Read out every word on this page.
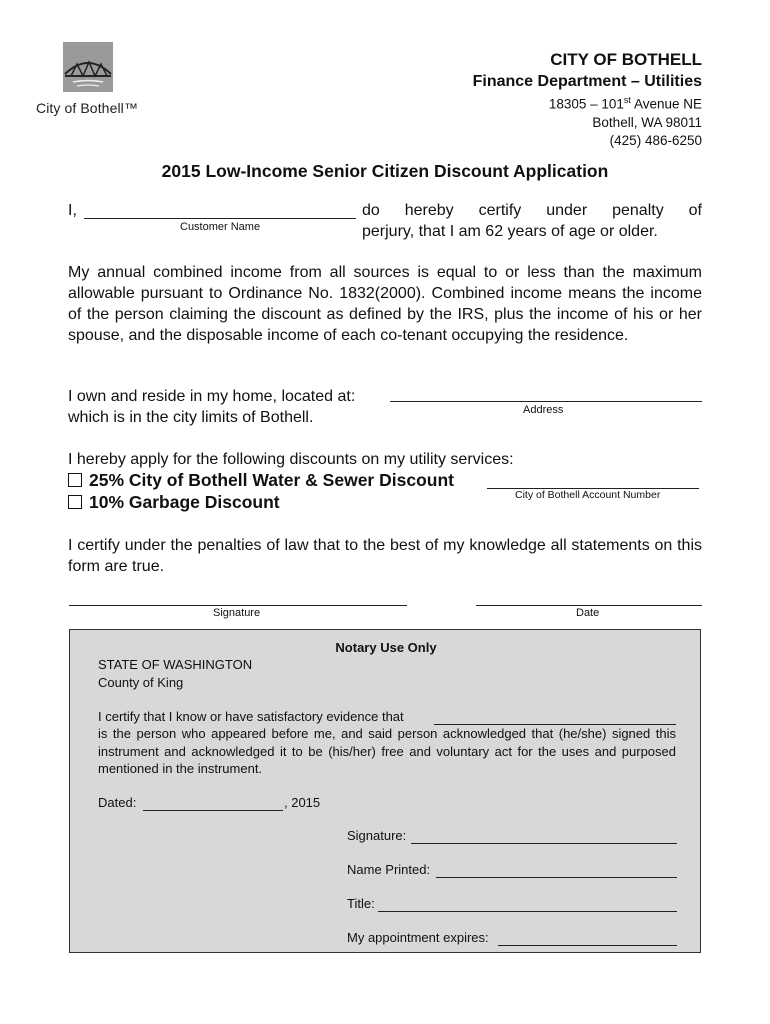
City of Bothell™
CITY OF BOTHELL
Finance Department – Utilities
18305 – 101st Avenue NE
Bothell, WA 98011
(425) 486-6250
2015 Low-Income Senior Citizen Discount Application
I,
Customer Name
do hereby certify under penalty of
perjury, that I am 62 years of age or older.
My annual combined income from all sources is equal to or less than the maximum allowable pursuant to Ordinance No. 1832(2000). Combined income means the income of the person claiming the discount as defined by the IRS, plus the income of his or her spouse, and the disposable income of each co-tenant occupying the residence.
I own and reside in my home, located at:
Address
which is in the city limits of Bothell.
I hereby apply for the following discounts on my utility services:
25% City of Bothell Water & Sewer Discount
City of Bothell Account Number
10% Garbage Discount
I certify under the penalties of law that to the best of my knowledge all statements on this form are true.
Signature	Date
Notary Use Only
STATE OF WASHINGTON
County of King
I certify that I know or have satisfactory evidence that
is the person who appeared before me, and said person acknowledged that (he/she) signed this instrument and acknowledged it to be (his/her) free and voluntary act for the uses and purposed mentioned in the instrument.
Dated:	, 2015
Signature:
Name Printed:
Title:
My appointment expires:
